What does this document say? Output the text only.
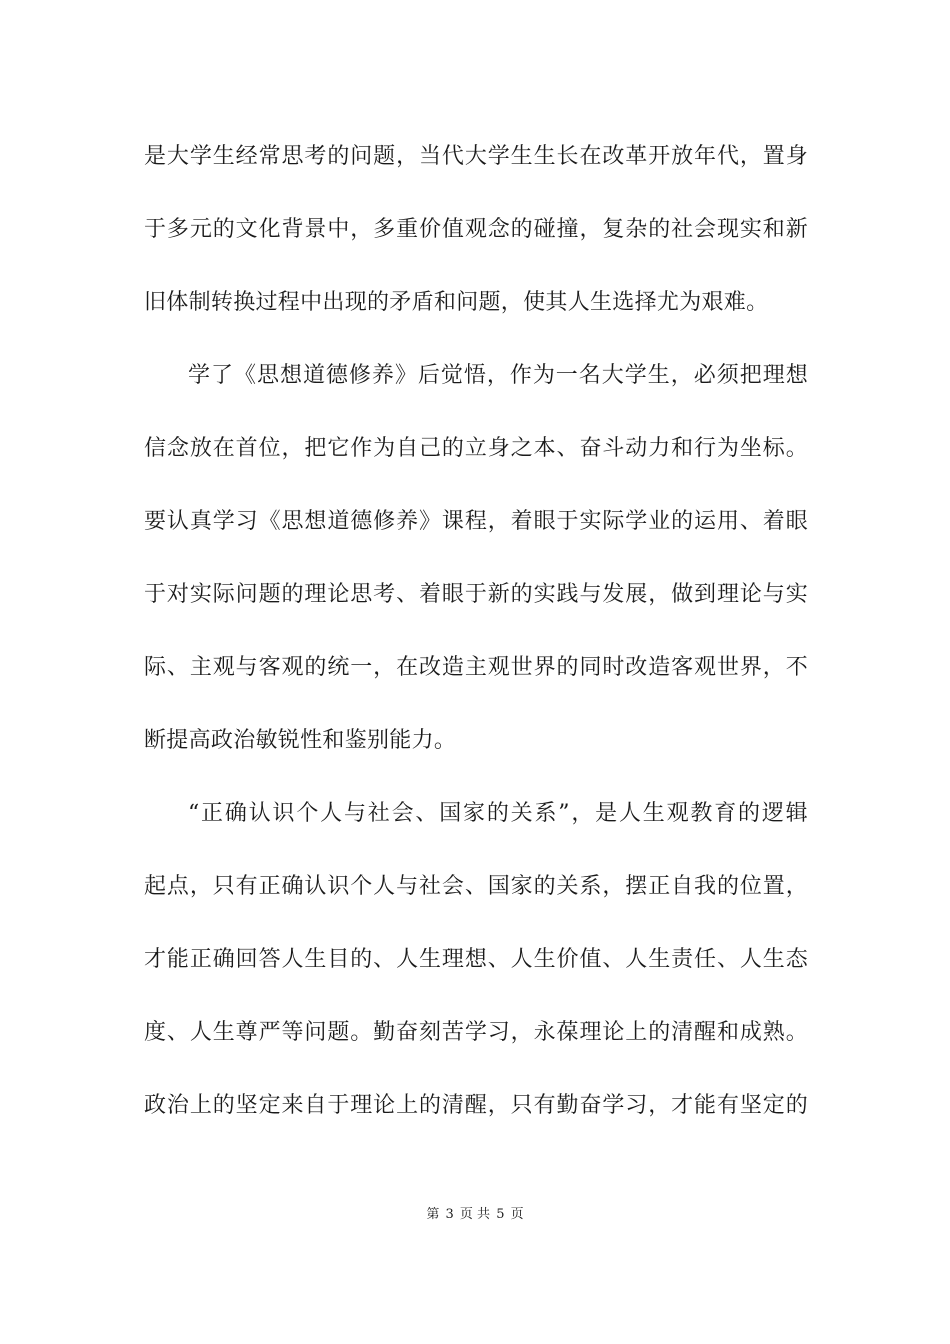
是大学生经常思考的问题，当代大学生生长在改革开放年代，置身
于多元的文化背景中，多重价值观念的碰撞，复杂的社会现实和新
旧体制转换过程中出现的矛盾和问题，使其人生选择尤为艰难。
学了《思想道德修养》后觉悟，作为一名大学生，必须把理想
信念放在首位，把它作为自己的立身之本、奋斗动力和行为坐标。
要认真学习《思想道德修养》课程，着眼于实际学业的运用、着眼
于对实际问题的理论思考、着眼于新的实践与发展，做到理论与实
际、主观与客观的统一，在改造主观世界的同时改造客观世界，不
断提高政治敏锐性和鉴别能力。
“正确认识个人与社会、国家的关系”，是人生观教育的逻辑
起点，只有正确认识个人与社会、国家的关系，摆正自我的位置，
才能正确回答人生目的、人生理想、人生价值、人生责任、人生态
度、人生尊严等问题。勤奋刻苦学习，永葆理论上的清醒和成熟。
政治上的坚定来自于理论上的清醒，只有勤奋学习，才能有坚定的
第 3 页 共 5 页
